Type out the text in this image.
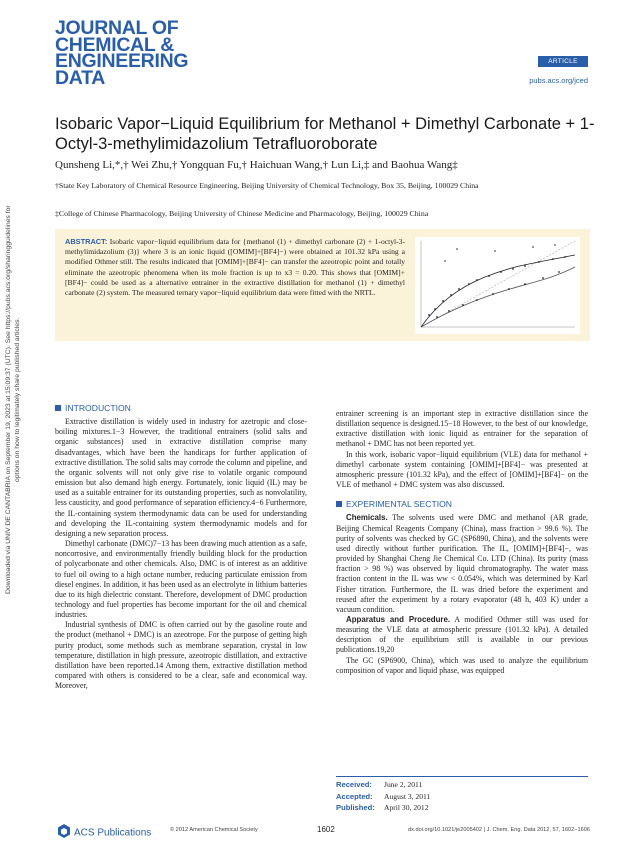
Downloaded via UNIV DE CANTABRIA on September 19, 2023 at 15:09:37 (UTC). See https://pubs.acs.org/sharingguidelines for options on how to legitimately share published articles.
JOURNAL OF
CHEMICAL &
ENGINEERING
DATA
ARTICLE
pubs.acs.org/jced
Isobaric Vapor−Liquid Equilibrium for Methanol + Dimethyl Carbonate + 1-Octyl-3-methylimidazolium Tetrafluoroborate
Qunsheng Li,*,† Wei Zhu,† Yongquan Fu,† Haichuan Wang,† Lun Li,‡ and Baohua Wang‡
†State Key Laboratory of Chemical Resource Engineering, Beijing University of Chemical Technology, Box 35, Beijing, 100029 China
‡College of Chinese Pharmacology, Beijing University of Chinese Medicine and Pharmacology, Beijing, 100029 China
ABSTRACT: Isobaric vapor−liquid equilibrium data for {methanol (1) + dimethyl carbonate (2) + 1-octyl-3-methylimidazolium (3)} where 3 is an ionic liquid ([OMIM]+[BF4]−) were obtained at 101.32 kPa using a modified Othmer still. The results indicated that [OMIM]+[BF4]− can transfer the azeotropic point and totally eliminate the azeotropic phenomena when its mole fraction is up to x3 = 0.20. This shows that [OMIM]+[BF4]− could be used as a alternative entrainer in the extractive distillation for methanol (1) + dimethyl carbonate (2) system. The measured ternary vapor−liquid equilibrium data were fitted with the NRTL.
INTRODUCTION

Extractive distillation is widely used in industry for azetropic and close-boiling mixtures.1−3 However, the traditional entrainers (solid salts and organic substances) used in extractive distillation comprise many disadvantages, which have been the handicaps for further application of extractive distillation. The solid salts may corrode the column and pipeline, and the organic solvents will not only give rise to volatile organic compound emission but also demand high energy. Fortunately, ionic liquid (IL) may be used as a suitable entrainer for its outstanding properties, such as nonvolatility, less causticity, and good performance of separation efficiency.4−6 Furthermore, the IL-containing system thermodynamic data can be used for understanding and developing the IL-containing system thermodynamic models and for designing a new separation process.

Dimethyl carbonate (DMC)7−13 has been drawing much attention as a safe, noncorrosive, and environmentally friendly building block for the production of polycarbonate and other chemicals. Also, DMC is of interest as an additive to fuel oil owing to a high octane number, reducing particulate emission from diesel engines. In addition, it has been used as an electrolyte in lithium batteries due to its high dielectric constant. Therefore, development of DMC production technology and fuel properties has become important for the oil and chemical industries.

Industrial synthesis of DMC is often carried out by the gasoline route and the product (methanol + DMC) is an azeotrope. For the purpose of getting high purity product, some methods such as membrane separation, crystal in low temperature, distillation in high pressure, azeotropic distillation, and extractive distillation have been reported.14 Among them, extractive distillation method compared with others is considered to be a clear, safe and economical way. Moreover,

entrainer screening is an important step in extractive distillation since the distillation sequence is designed.15−18 However, to the best of our knowledge, extractive distillation with ionic liquid as entrainer for the separation of methanol + DMC has not been reported yet.

In this work, isobaric vapor−liquid equilibrium (VLE) data for methanol + dimethyl carbonate system containing [OMIM]+[BF4]− was presented at atmospheric pressure (101.32 kPa), and the effect of [OMIM]+[BF4]− on the VLE of methanol + DMC system was also discussed.

EXPERIMENTAL SECTION

Chemicals. The solvents used were DMC and methanol (AR grade, Beijing Chemical Reagents Company (China), mass fraction > 99.6 %). The purity of solvents was checked by GC (SP6890, China), and the solvents were used directly without further purification. The IL, [OMIM]+[BF4]−, was provided by Shanghai Cheng Jie Chemical Co. LTD (China). Its purity (mass fraction > 98 %) was observed by liquid chromatography. The water mass fraction content in the IL was ww < 0.054%, which was determined by Karl Fisher titration. Furthermore, the IL was dried before the experiment and reused after the experiment by a rotary evaporator (48 h, 403 K) under a vacuum condition.

Apparatus and Procedure. A modified Othmer still was used for measuring the VLE data at atmospheric pressure (101.32 kPa). A detailed description of the equilibrium still is available in our previous publications.19,20

The GC (SP6900, China), which was used to analyze the equilibrium composition of vapor and liquid phase, was equipped

Received:	June 2, 2011
Accepted:	August 3, 2011
Published:	April 30, 2012
ACS Publications	© 2012 American Chemical Society	1602	dx.doi.org/10.1021/je2005402 | J. Chem. Eng. Data 2012, 57, 1602−1606
